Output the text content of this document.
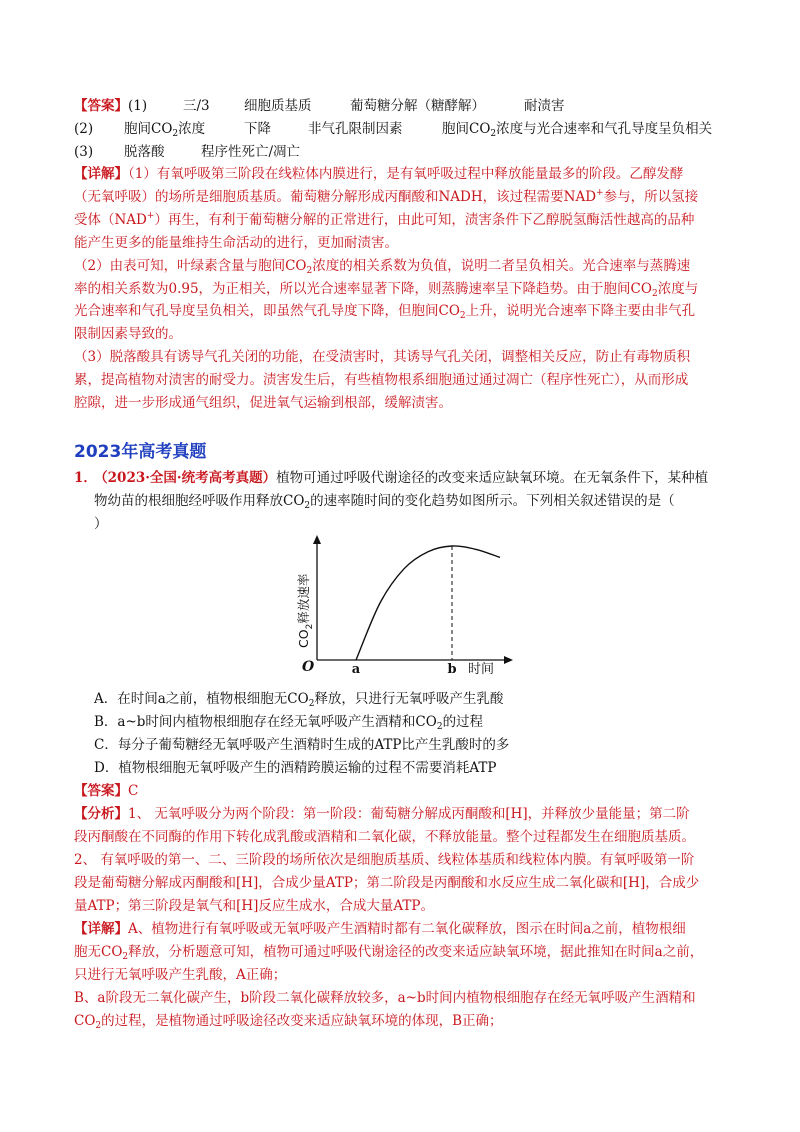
【答案】(1)	三/3	细胞质基质	葡萄糖分解（糖酵解）	耐渍害
(2) 胞间$CO_2$浓度	下降	非气孔限制因素	胞间$CO_2$浓度与光合速率和气孔导度呈负相关
(3) 脱落酸	程序性死亡/凋亡
【详解】（1）有氧呼吸第三阶段在线粒体内膜进行，是有氧呼吸过程中释放能量最多的阶段。乙醇发酵
（无氧呼吸）的场所是细胞质基质。葡萄糖分解形成丙酮酸和NADH，该过程需要NAD+参与，所以氢接
受体（NAD+）再生，有利于葡萄糖分解的正常进行，由此可知，渍害条件下乙醇脱氢酶活性越高的品种
能产生更多的能量维持生命活动的进行，更加耐渍害。
（2）由表可知，叶绿素含量与胞间$CO_2$浓度的相关系数为负值，说明二者呈负相关。光合速率与蒸腾速
率的相关系数为0.95，为正相关，所以光合速率显著下降，则蒸腾速率呈下降趋势。由于胞间$CO_2$浓度与
光合速率和气孔导度呈负相关，即虽然气孔导度下降，但胞间$CO_2$上升，说明光合速率下降主要由非气孔
限制因素导致的。
（3）脱落酸具有诱导气孔关闭的功能，在受渍害时，其诱导气孔关闭，调整相关反应，防止有毒物质积
累，提高植物对渍害的耐受力。渍害发生后，有些植物根系细胞通过通过凋亡（程序性死亡），从而形成
腔隙，进一步形成通气组织，促进氧气运输到根部，缓解渍害。
2023年高考真题
1． （2023·全国·统考高考真题）植物可通过呼吸代谢途径的改变来适应缺氧环境。在无氧条件下，某种植
物幼苗的根细胞经呼吸作用释放$CO_2$的速率随时间的变化趋势如图所示。下列相关叙述错误的是（
）
O	a	b 时间
$CO_2$释放速率
A．在时间a之前，植物根细胞无$CO_2$释放，只进行无氧呼吸产生乳酸
B．a~b时间内植物根细胞存在经无氧呼吸产生酒精和$CO_2$的过程
C．每分子葡萄糖经无氧呼吸产生酒精时生成的ATP比产生乳酸时的多
D．植物根细胞无氧呼吸产生的酒精跨膜运输的过程不需要消耗ATP
【答案】C
【分析】1、 无氧呼吸分为两个阶段：第一阶段：葡萄糖分解成丙酮酸和[H]，并释放少量能量；第二阶
段丙酮酸在不同酶的作用下转化成乳酸或酒精和二氧化碳，不释放能量。整个过程都发生在细胞质基质。
2、 有氧呼吸的第一、二、三阶段的场所依次是细胞质基质、线粒体基质和线粒体内膜。有氧呼吸第一阶
段是葡萄糖分解成丙酮酸和[H]，合成少量ATP；第二阶段是丙酮酸和水反应生成二氧化碳和[H]，合成少
量ATP；第三阶段是氧气和[H]反应生成水，合成大量ATP。
【详解】A、植物进行有氧呼吸或无氧呼吸产生酒精时都有二氧化碳释放，图示在时间a之前，植物根细
胞无$CO_2$释放，分析题意可知，植物可通过呼吸代谢途径的改变来适应缺氧环境，据此推知在时间a之前，
只进行无氧呼吸产生乳酸，A正确；
B、a阶段无二氧化碳产生，b阶段二氧化碳释放较多，a~b时间内植物根细胞存在经无氧呼吸产生酒精和
$CO_2$的过程，是植物通过呼吸途径改变来适应缺氧环境的体现，B正确；
